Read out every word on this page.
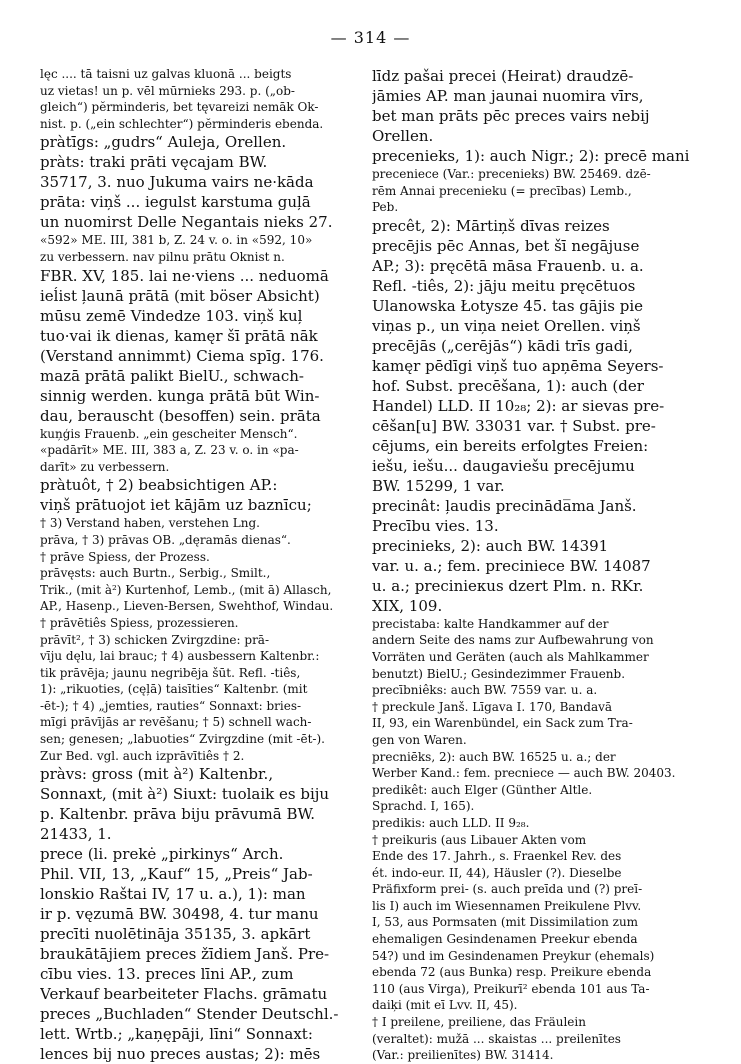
— 314 —

lęc .... tā taisni uz galvas kluonā ... beigts

uz vietas! un p. vēl mūrnieks 293. p. („ob-

gleich“) pĕrminderis, bet tęvareizi nemāk Ok-

nist. p. („ein schlechter“) pĕrminderis ebenda.

pràtīgs: „gudrs“ Auleja, Orellen.

pràts: traki prāti vęcajam BW.

35717, 3. nuo Jukuma vairs ne·kāda

prāta: viņš ... iegulst karstuma guļā

un nuomirst Delle Negantais nieks 27.

«592» ME. III, 381 b, Z. 24 v. o. in «592, 10»

zu verbessern. nav pilnu prātu Oknist n.

FBR. XV, 185. lai ne·viens ... neduomā

ieĺist ļaunā prātā (mit böser Absicht)

mūsu zemē Vindedze 103. viņš kuļ

tuo·vai ik dienas, kamęr šī prātā nāk

(Verstand annimmt) Ciema spīg. 176.

mazā prātā palikt BielU., schwach-

sinnig werden. kunga prātā būt Win-

dau, berauscht (besoffen) sein. prāta

kuņģis Frauenb. „ein gescheiter Mensch“.

«padārīt» ME. III, 383 a, Z. 23 v. o. in «pa-

darīt» zu verbessern.

pràtuôt, † 2) beabsichtigen AP.:

viņš prātuojot iet kājām uz baznīcu;

† 3) Verstand haben, verstehen Lng.

prāva, † 3) prāvas OB. „dęramās dienas“.

† prāve Spiess, der Prozess.

prāvęsts: auch Burtn., Serbig., Smilt.,

Trik., (mit à²) Kurtenhof, Lemb., (mit ā) Allasch,

AP., Hasenp., Lieven-Bersen, Swehthof, Windau.

† prāvētiês Spiess, prozessieren.

prāvīt², † 3) schicken Zvirgzdine: prā-

vīju dęlu, lai brauc; † 4) ausbessern Kaltenbr.:

tik prāvēja; jaunu negribēja šūt. Refl. -tiês,

1): „rikuoties, (cęļā) taisīties“ Kaltenbr. (mit

-ēt-); † 4) „jemties, rauties“ Sonnaxt: bries-

mīgi prāvījās ar revēšanu; † 5) schnell wach-

sen; genesen; „labuoties“ Zvirgzdine (mit -ēt-).

Zur Bed. vgl. auch izprāvītiês † 2.

pràvs: gross (mit à²) Kaltenbr.,

Sonnaxt, (mit à²) Siuxt: tuolaik es biju

p. Kaltenbr. prāva biju prāvumā BW.

21433, 1.

prece (li. prekė „pirkinys“ Arch.

Phil. VII, 13, „Kauf“ 15, „Preis“ Jab-

lonskio Raštai IV, 17 u. a.), 1): man

ir p. vęzumā BW. 30498, 4. tur manu

precīti nuolētināja 35135, 3. apkārt

braukātājiem preces žīdiem Janš. Pre-

cību vies. 13. preces līni AP., zum

Verkauf bearbeiteter Flachs. grāmatu

preces „Buchladen“ Stender Deutschl.-

lett. Wrtb.; „kaņępāji, līni“ Sonnaxt:

lences bij nuo preces austas; 2): mēs

līdz pašai precei (Heirat) draudzē-

jāmies AP. man jaunai nuomira vīrs,

bet man prāts pēc preces vairs nebij

Orellen.

precenieks, 1): auch Nigr.; 2): precē mani

preceniece (Var.: precenieks) BW. 25469. dzē-

rēm Annai precenieku (= precības) Lemb.,

Peb.

precêt, 2): Mārtiņš dīvas reizes

precējis pēc Annas, bet šī negājuse

AP.; 3): pręcētā māsa Frauenb. u. a.

Refl. -tiês, 2): jāju meitu pręcētuos

Ulanowska Łotysze 45. tas gājis pie

viņas p., un viņa neiet Orellen. viņš

precējās („cerējās“) kādi trīs gadi,

kamęr pēdīgi viņš tuo apņēma Seyers-

hof. Subst. precēšana, 1): auch (der

Handel) LLD. II 10₂₈; 2): ar sievas pre-

cēšan[u] BW. 33031 var. † Subst. pre-

cējums, ein bereits erfolgtes Freien:

iešu, iešu... daugaviešu precējumu

BW. 15299, 1 var.

precinât: ļaudis precināda̅ma Janš.

Precību vies. 13.

precinieks, 2): auch BW. 14391

var. u. a.; fem. preciniece BW. 14087

u. a.; precinieкus dzert Plm. n. RKr.

XIX, 109.

precistaba: kalte Handkammer auf der

andern Seite des nams zur Aufbewahrung von

Vorräten und Geräten (auch als Mahlkammer

benutzt) BielU.; Gesindezimmer Frauenb.

precībniêks: auch BW. 7559 var. u. a.

† preckule Janš. Līgava I. 170, Bandavā

II, 93, ein Warenbündel, ein Sack zum Tra-

gen von Waren.

precniēks, 2): auch BW. 16525 u. a.; der

Werber Kand.: fem. precniece — auch BW. 20403.

predikêt: auch Elger (Günther Altle.

Sprachd. I, 165).

predikis: auch LLD. II 9₂₈.

† preikuris (aus Libauer Akten vom

Ende des 17. Jahrh., s. Fraenkel Rev. des

ét. indo-eur. II, 44), Häusler (?). Dieselbe

Präfixform prei- (s. auch preīda und (?) preī-

lis I) auch im Wiesennamen Preikulene Plvv.

I, 53, aus Pormsaten (mit Dissimilation zum

ehemaligen Gesindenamen Preekur ebenda

54?) und im Gesindenamen Preykur (ehemals)

ebenda 72 (aus Bunka) resp. Preikure ebenda

110 (aus Virga), Preikurī² ebenda 101 aus Ta-

daiķi (mit eī Lvv. II, 45).

† I preilene, preiliene, das Fräulein

(veraltet): mužā ... skaistas ... preilenītes

(Var.: preilienītes) BW. 31414.
